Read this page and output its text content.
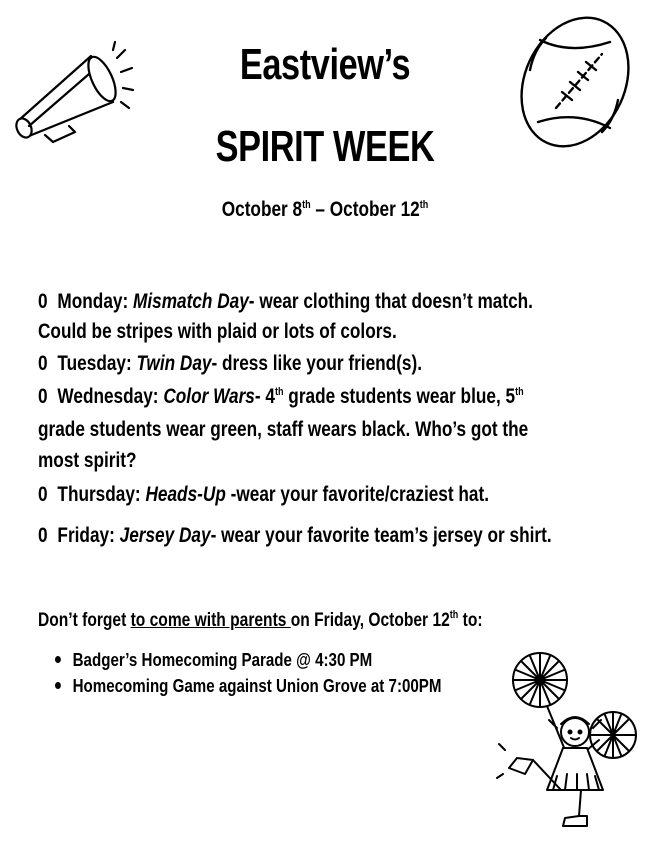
Eastview’s
SPIRIT WEEK
October 8th – October 12th
0 Monday: Mismatch Day- wear clothing that doesn’t match.
Could be stripes with plaid or lots of colors.
0 Tuesday: Twin Day- dress like your friend(s).
0 Wednesday: Color Wars- 4th grade students wear blue, 5th
grade students wear green, staff wears black. Who’s got the
most spirit?
0 Thursday: Heads-Up -wear your favorite/craziest hat.
0 Friday: Jersey Day- wear your favorite team’s jersey or shirt.
Don’t forget to come with parents on Friday, October 12th to:
Badger’s Homecoming Parade @ 4:30 PM
Homecoming Game against Union Grove at 7:00PM
